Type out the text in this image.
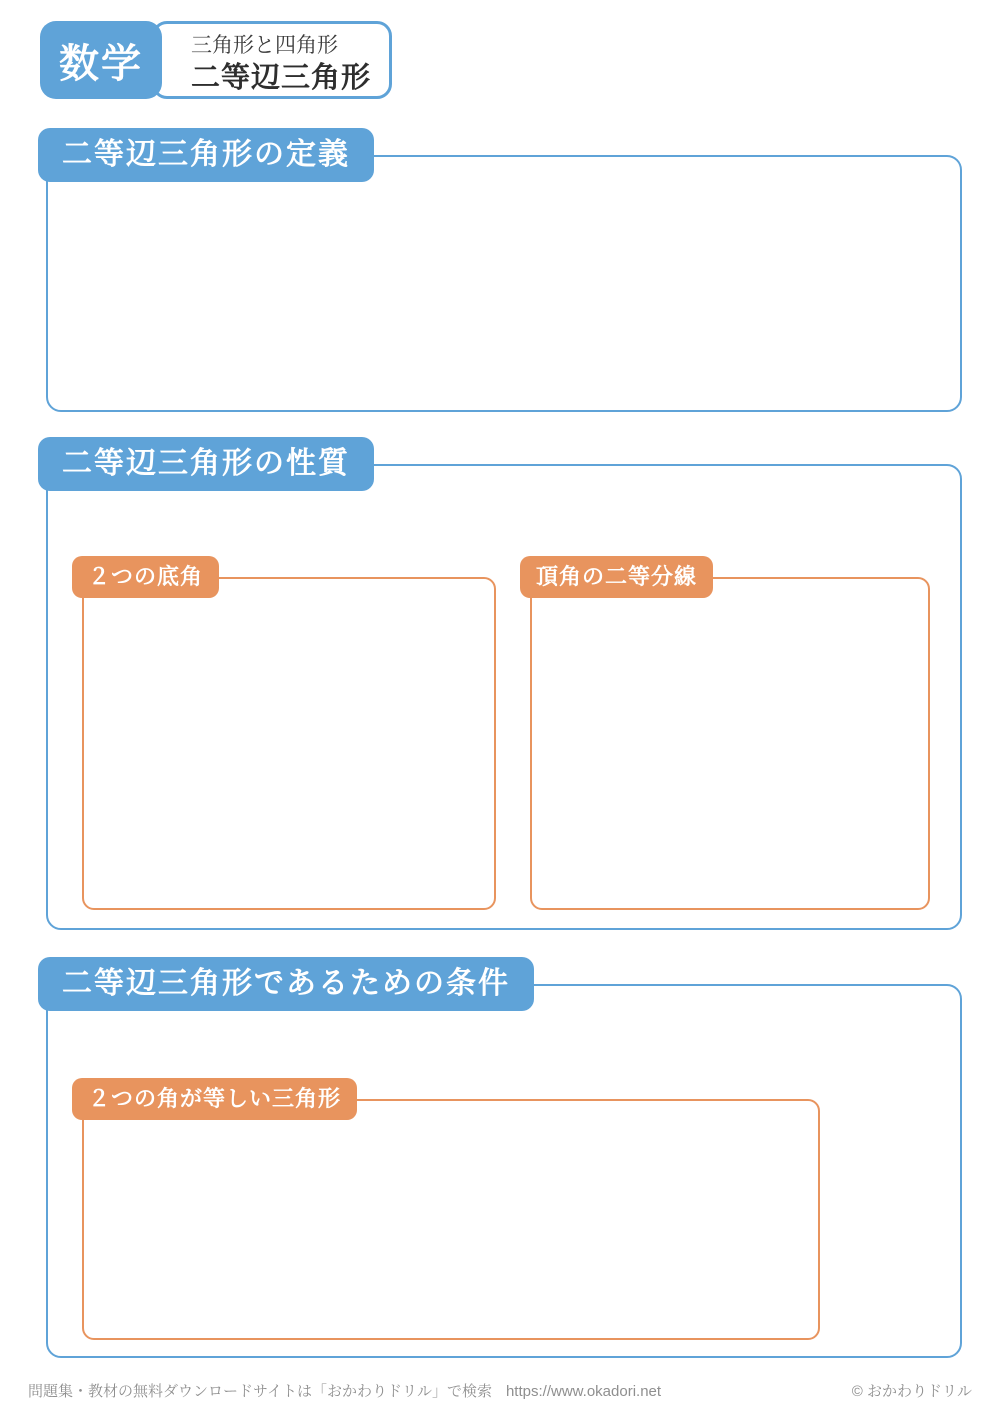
三角形と四角形
二等辺三角形
数学
二等辺三角形の定義
二等辺三角形の性質
２つの底角	頂角の二等分線
二等辺三角形であるための条件
２つの角が等しい三角形
問題集・教材の無料ダウンロードサイトは「おかわりドリル」で検索 https://www.okadori.net	© おかわりドリル
